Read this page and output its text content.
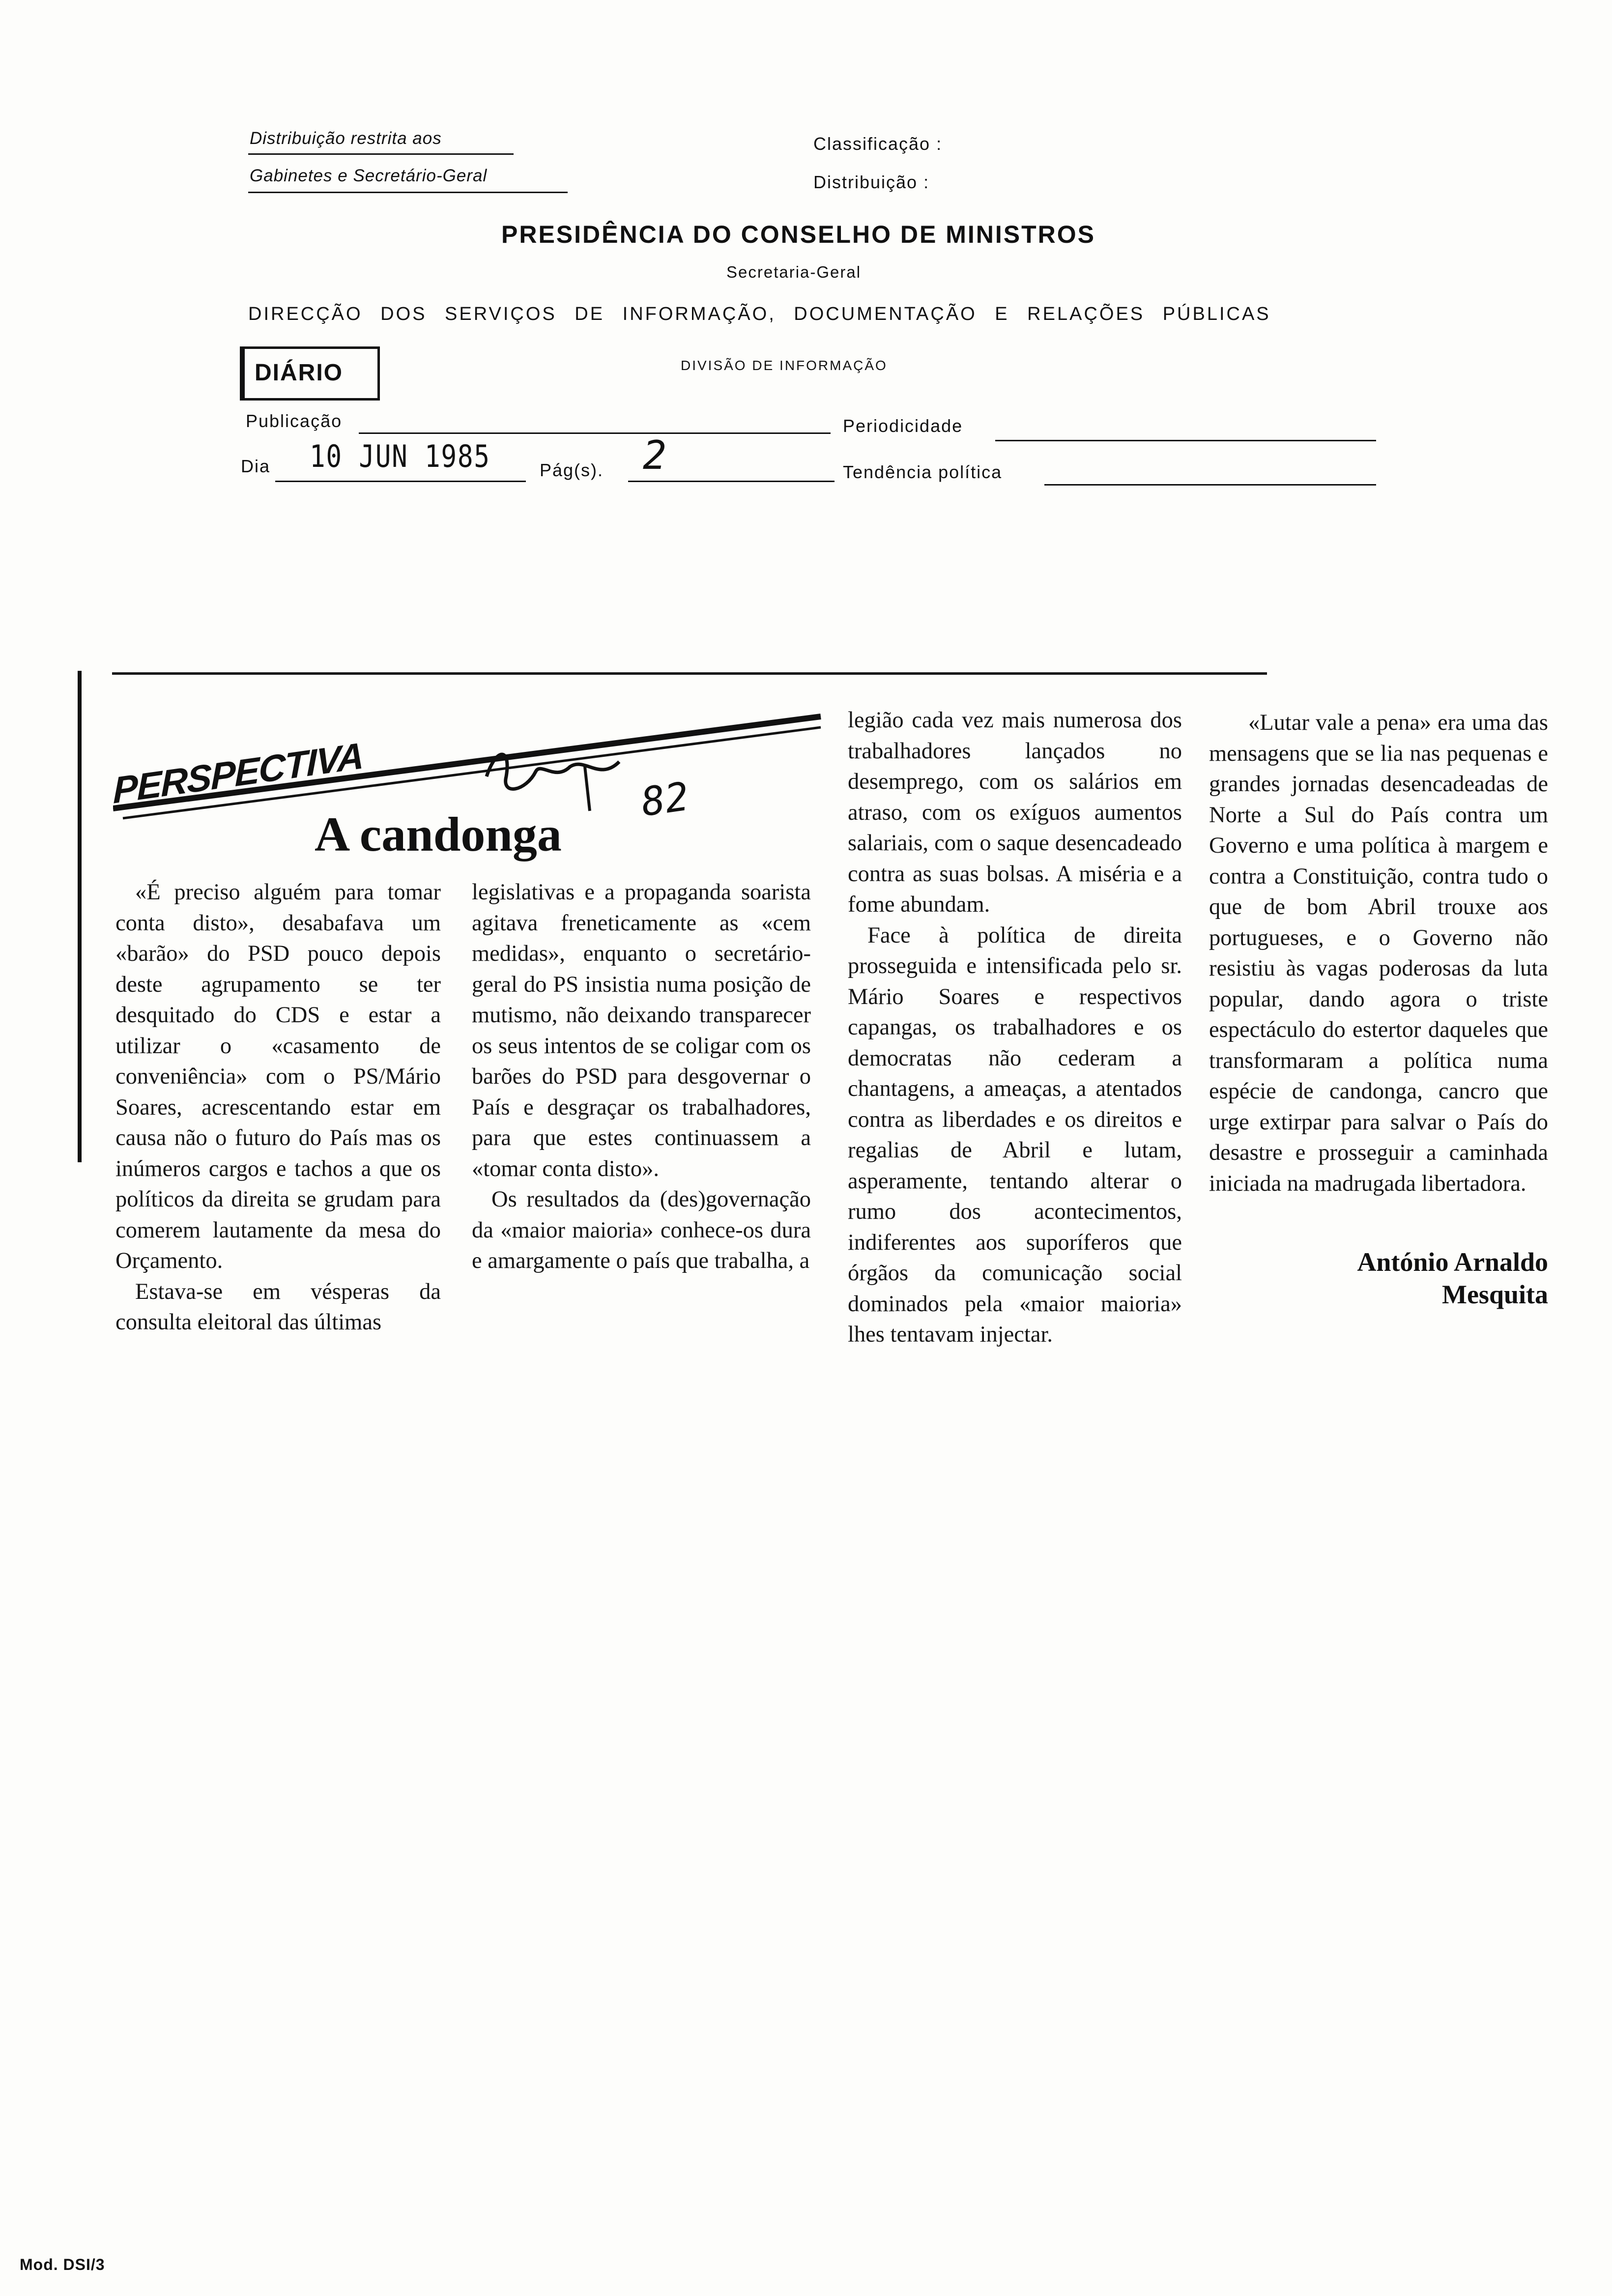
Distribuição restrita aos
Gabinetes e Secretário-Geral
Classificação :
Distribuição :
PRESIDÊNCIA DO CONSELHO DE MINISTROS
Secretaria-Geral
DIRECÇÃO DOS SERVIÇOS DE INFORMAÇÃO, DOCUMENTAÇÃO E RELAÇÕES PÚBLICAS
DIÁRIO	DIVISÃO DE INFORMAÇÃO
Publicação	Periodicidade
Dia 10 JUN 1985	Pág(s). 2	Tendência política
PERSPECTIVA	82
A candonga

«É preciso alguém para tomar conta disto», desabafava um «barão» do PSD pouco depois deste agrupamento se ter desquitado do CDS e estar a utilizar o «casamento de conveniência» com o PS/Mário Soares, acrescentando estar em causa não o futuro do País mas os inúmeros cargos e tachos a que os políticos da direita se grudam para comerem lautamente da mesa do Orçamento.

Estava-se em vésperas da consulta eleitoral das últimas

legislativas e a propaganda soarista agitava freneticamente as «cem medidas», enquanto o secretário-geral do PS insistia numa posição de mutismo, não deixando transparecer os seus intentos de se coligar com os barões do PSD para desgovernar o País e desgraçar os trabalhadores, para que estes continuassem a «tomar conta disto».

Os resultados da (des)governação da «maior maioria» conhece-os dura e amargamente o país que trabalha, a

legião cada vez mais numerosa dos trabalhadores lançados no desemprego, com os salários em atraso, com os exíguos aumentos salariais, com o saque desencadeado contra as suas bolsas. A miséria e a fome abundam.

Face à política de direita prosseguida e intensificada pelo sr. Mário Soares e respectivos capangas, os trabalhadores e os democratas não cederam a chantagens, a ameaças, a atentados contra as liberdades e os direitos e regalias de Abril e lutam, asperamente, tentando alterar o rumo dos acontecimentos, indiferentes aos suporíferos que órgãos da comunicação social dominados pela «maior maioria» lhes tentavam injectar.

«Lutar vale a pena» era uma das mensagens que se lia nas pequenas e grandes jornadas desencadeadas de Norte a Sul do País contra um Governo e uma política à margem e contra a Constituição, contra tudo o que de bom Abril trouxe aos portugueses, e o Governo não resistiu às vagas poderosas da luta popular, dando agora o triste espectáculo do estertor daqueles que transformaram a política numa espécie de candonga, cancro que urge extirpar para salvar o País do desastre e prosseguir a caminhada iniciada na madrugada libertadora.

António Arnaldo
Mesquita
Mod. DSI/3
